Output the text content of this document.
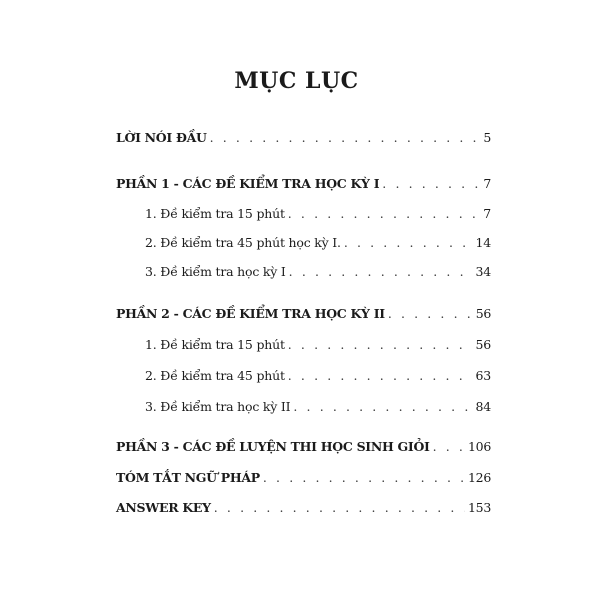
MỤC LỤC
LỜI NÓI ĐẦU . . .	5
PHẦN 1 - CÁC ĐỀ KIỂM TRA HỌC KỲ I . . .	7
1. Đề kiểm tra 15 phút . . .	7
2. Đề kiểm tra 45 phút học kỳ I. . . .	14
3. Đề kiểm tra học kỳ I . . .	34
PHẦN 2 - CÁC ĐỀ KIỂM TRA HỌC KỲ II . . .	56
1. Đề kiểm tra 15 phút . . .	56
2. Đề kiểm tra 45 phút . . .	63
3. Đề kiểm tra học kỳ II . . .	84
PHẦN 3 - CÁC ĐỀ LUYỆN THI HỌC SINH GIỎI . . .	106
TÓM TẮT NGỮ PHÁP . . .	126
ANSWER KEY . . .	153
